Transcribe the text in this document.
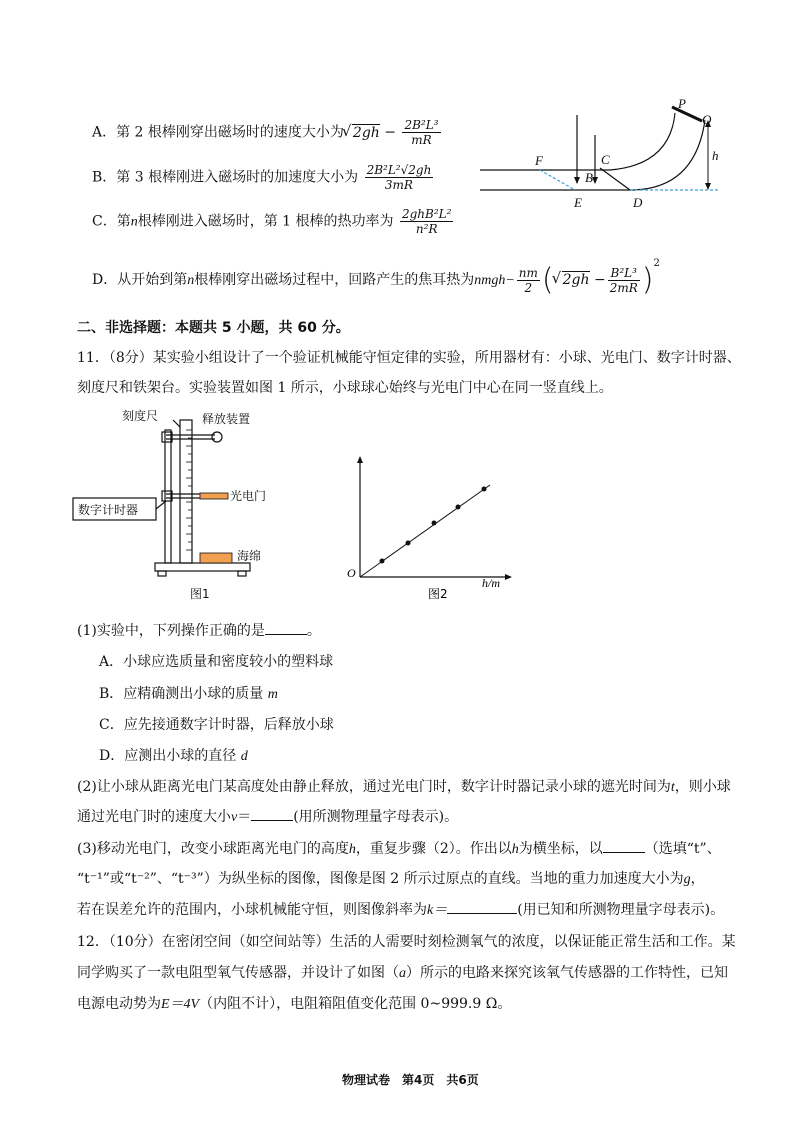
A．第 2 根棒刚穿出磁场时的速度大小为 √ $2gh - \frac{\text{2B²L³}}{mR}$
B．第 3 根棒刚进入磁场时的加速度大小为 $\frac{\text{2B²L²√2gh}}{3mR}$
C．第n根棒刚进入磁场时，第 1 根棒的热功率为 $\frac{\text{2ghB²L²}}{\text{n²R}}$
D．从开始到第n根棒刚穿出磁场过程中，回路产生的焦耳热为nmgh− $\frac{nm}{2}$ ( √ $2gh - \frac{\text{B²L³}}{2mR} )^2$
P
Q
F	C
B
h
E	D
二、非选择题：本题共 5 小题，共 60 分。
11．（8分）某实验小组设计了一个验证机械能守恒定律的实验，所用器材有：小球、光电门、数字计时器、
刻度尺和铁架台。实验装置如图 1 所示，小球球心始终与光电门中心在同一竖直线上。
刻度尺	释放装置
光电门
数字计时器
海绵
图1
O
h/m
图2
(1)实验中，下列操作正确的是	。
A．小球应选质量和密度较小的塑料球
B．应精确测出小球的质量 m
C．应先接通数字计时器，后释放小球
D．应测出小球的直径 d
(2)让小球从距离光电门某高度处由静止释放，通过光电门时，数字计时器记录小球的遮光时间为t，则小球
通过光电门时的速度大小v＝	(用所测物理量字母表示)。
(3)移动光电门，改变小球距离光电门的高度h，重复步骤（2）。作出以h为横坐标，以	（选填“t”、
“t⁻¹”或“t⁻²”、“t⁻³”）为纵坐标的图像，图像是图 2 所示过原点的直线。当地的重力加速度大小为g，
若在误差允许的范围内，小球机械能守恒，则图像斜率为k＝	(用已知和所测物理量字母表示)。
12．（10分）在密闭空间（如空间站等）生活的人需要时刻检测氧气的浓度，以保证能正常生活和工作。某
同学购买了一款电阻型氧气传感器，并设计了如图（a）所示的电路来探究该氧气传感器的工作特性，已知
电源电动势为E＝4V（内阻不计），电阻箱阻值变化范围 0~999.9 Ω。
物理试卷　第4页　共6页
